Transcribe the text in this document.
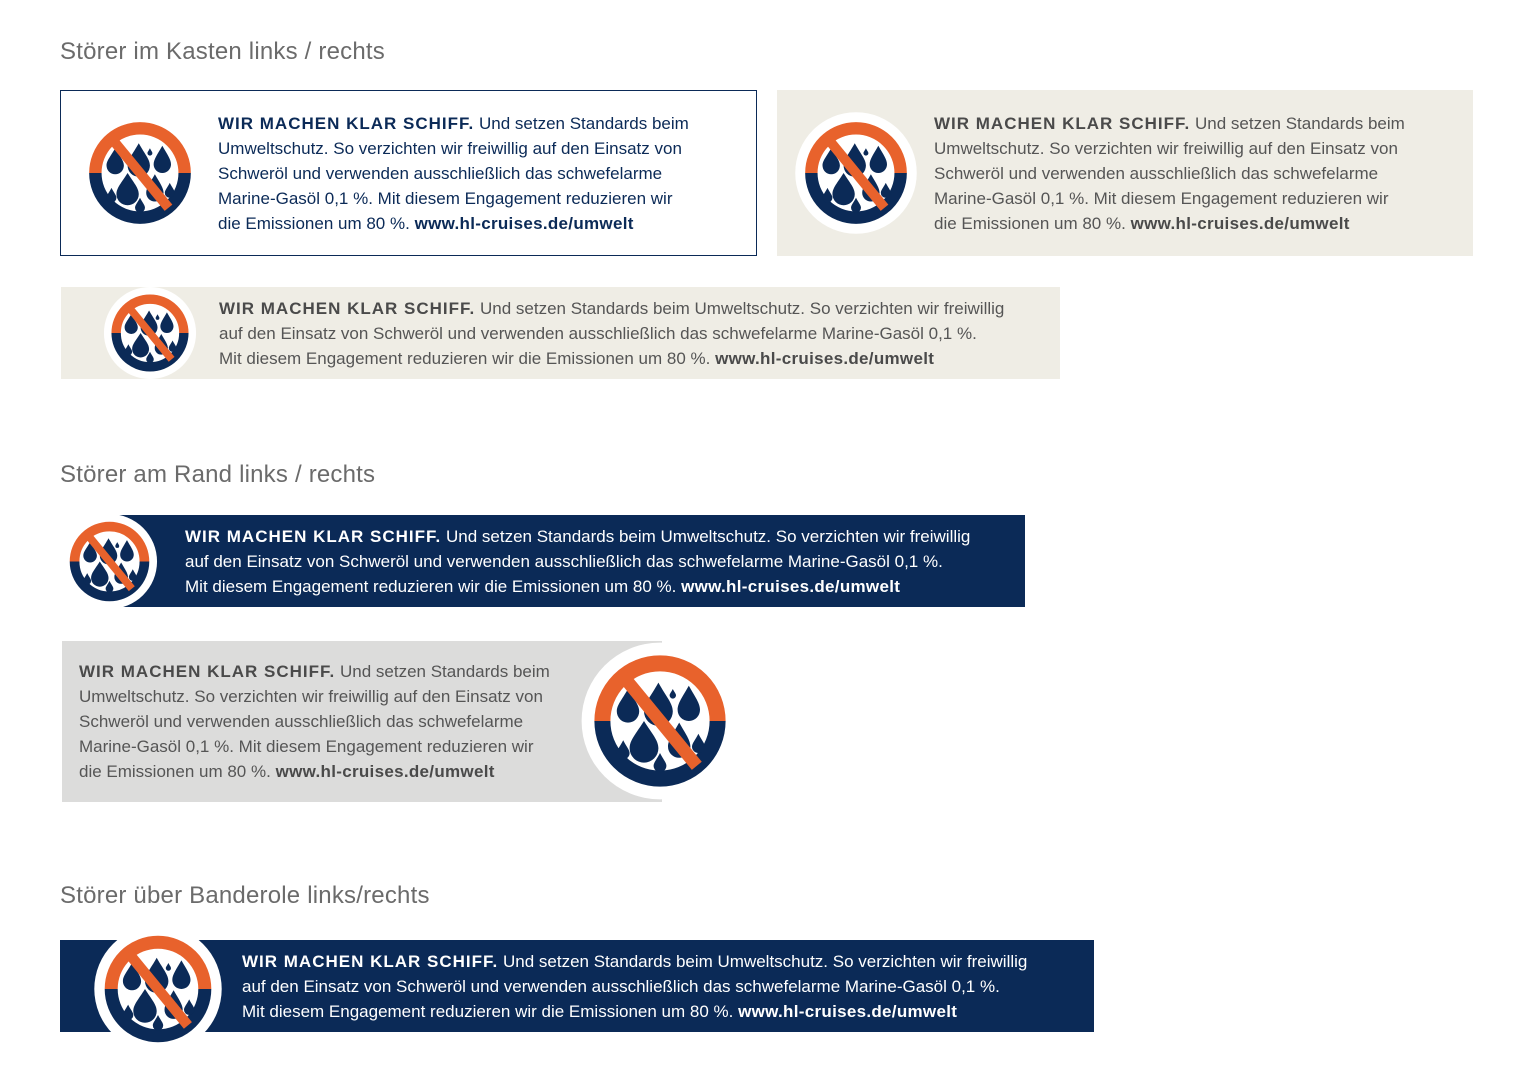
Störer im Kasten links / rechts
WIR MACHEN KLAR SCHIFF. Und setzen Standards beim
Umweltschutz. So verzichten wir freiwillig auf den Einsatz von
Schweröl und verwenden ausschließlich das schwefelarme
Marine-Gasöl 0,1 %. Mit diesem Engagement reduzieren wir
die Emissionen um 80 %. www.hl-cruises.de/umwelt
WIR MACHEN KLAR SCHIFF. Und setzen Standards beim
Umweltschutz. So verzichten wir freiwillig auf den Einsatz von
Schweröl und verwenden ausschließlich das schwefelarme
Marine-Gasöl 0,1 %. Mit diesem Engagement reduzieren wir
die Emissionen um 80 %. www.hl-cruises.de/umwelt
WIR MACHEN KLAR SCHIFF. Und setzen Standards beim Umweltschutz. So verzichten wir freiwillig
auf den Einsatz von Schweröl und verwenden ausschließlich das schwefelarme Marine-Gasöl 0,1 %.
Mit diesem Engagement reduzieren wir die Emissionen um 80 %. www.hl-cruises.de/umwelt
Störer am Rand links / rechts
WIR MACHEN KLAR SCHIFF. Und setzen Standards beim Umweltschutz. So verzichten wir freiwillig
auf den Einsatz von Schweröl und verwenden ausschließlich das schwefelarme Marine-Gasöl 0,1 %.
Mit diesem Engagement reduzieren wir die Emissionen um 80 %. www.hl-cruises.de/umwelt
WIR MACHEN KLAR SCHIFF. Und setzen Standards beim
Umweltschutz. So verzichten wir freiwillig auf den Einsatz von
Schweröl und verwenden ausschließlich das schwefelarme
Marine-Gasöl 0,1 %. Mit diesem Engagement reduzieren wir
die Emissionen um 80 %. www.hl-cruises.de/umwelt
Störer über Banderole links/rechts
WIR MACHEN KLAR SCHIFF. Und setzen Standards beim Umweltschutz. So verzichten wir freiwillig
auf den Einsatz von Schweröl und verwenden ausschließlich das schwefelarme Marine-Gasöl 0,1 %.
Mit diesem Engagement reduzieren wir die Emissionen um 80 %. www.hl-cruises.de/umwelt
